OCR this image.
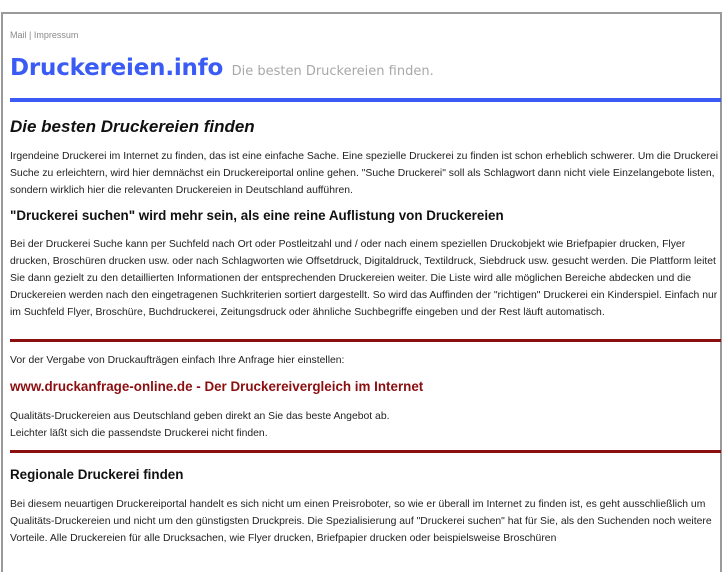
Mail | Impressum
Druckereien.info Die besten Druckereien finden.
Die besten Druckereien finden

Irgendeine Druckerei im Internet zu finden, das ist eine einfache Sache. Eine spezielle Druckerei zu finden ist schon erheblich schwerer. Um die Druckerei Suche zu erleichtern, wird hier demnächst ein Druckereiportal online gehen. "Suche Druckerei" soll als Schlagwort dann nicht viele Einzelangebote listen, sondern wirklich hier die relevanten Druckereien in Deutschland aufführen.

"Druckerei suchen" wird mehr sein, als eine reine Auflistung von Druckereien

Bei der Druckerei Suche kann per Suchfeld nach Ort oder Postleitzahl und / oder nach einem speziellen Druckobjekt wie Briefpapier drucken, Flyer drucken, Broschüren drucken usw. oder nach Schlagworten wie Offsetdruck, Digitaldruck, Textildruck, Siebdruck usw. gesucht werden. Die Plattform leitet Sie dann gezielt zu den detaillierten Informationen der entsprechenden Druckereien weiter. Die Liste wird alle möglichen Bereiche abdecken und die Druckereien werden nach den eingetragenen Suchkriterien sortiert dargestellt. So wird das Auffinden der "richtigen" Druckerei ein Kinderspiel. Einfach nur im Suchfeld Flyer, Broschüre, Buchdruckerei, Zeitungsdruck oder ähnliche Suchbegriffe eingeben und der Rest läuft automatisch.

Vor der Vergabe von Druckaufträgen einfach Ihre Anfrage hier einstellen:

www.druckanfrage-online.de - Der Druckereivergleich im Internet

Qualitäts-Druckereien aus Deutschland geben direkt an Sie das beste Angebot ab.

Leichter läßt sich die passendste Druckerei nicht finden.

Regionale Druckerei finden

Bei diesem neuartigen Druckereiportal handelt es sich nicht um einen Preisroboter, so wie er überall im Internet zu finden ist, es geht ausschließlich um Qualitäts-Druckereien und nicht um den günstigsten Druckpreis. Die Spezialisierung auf "Druckerei suchen" hat für Sie, als den Suchenden noch weitere Vorteile. Alle Druckereien für alle Drucksachen, wie Flyer drucken, Briefpapier drucken oder beispielsweise Broschüren
